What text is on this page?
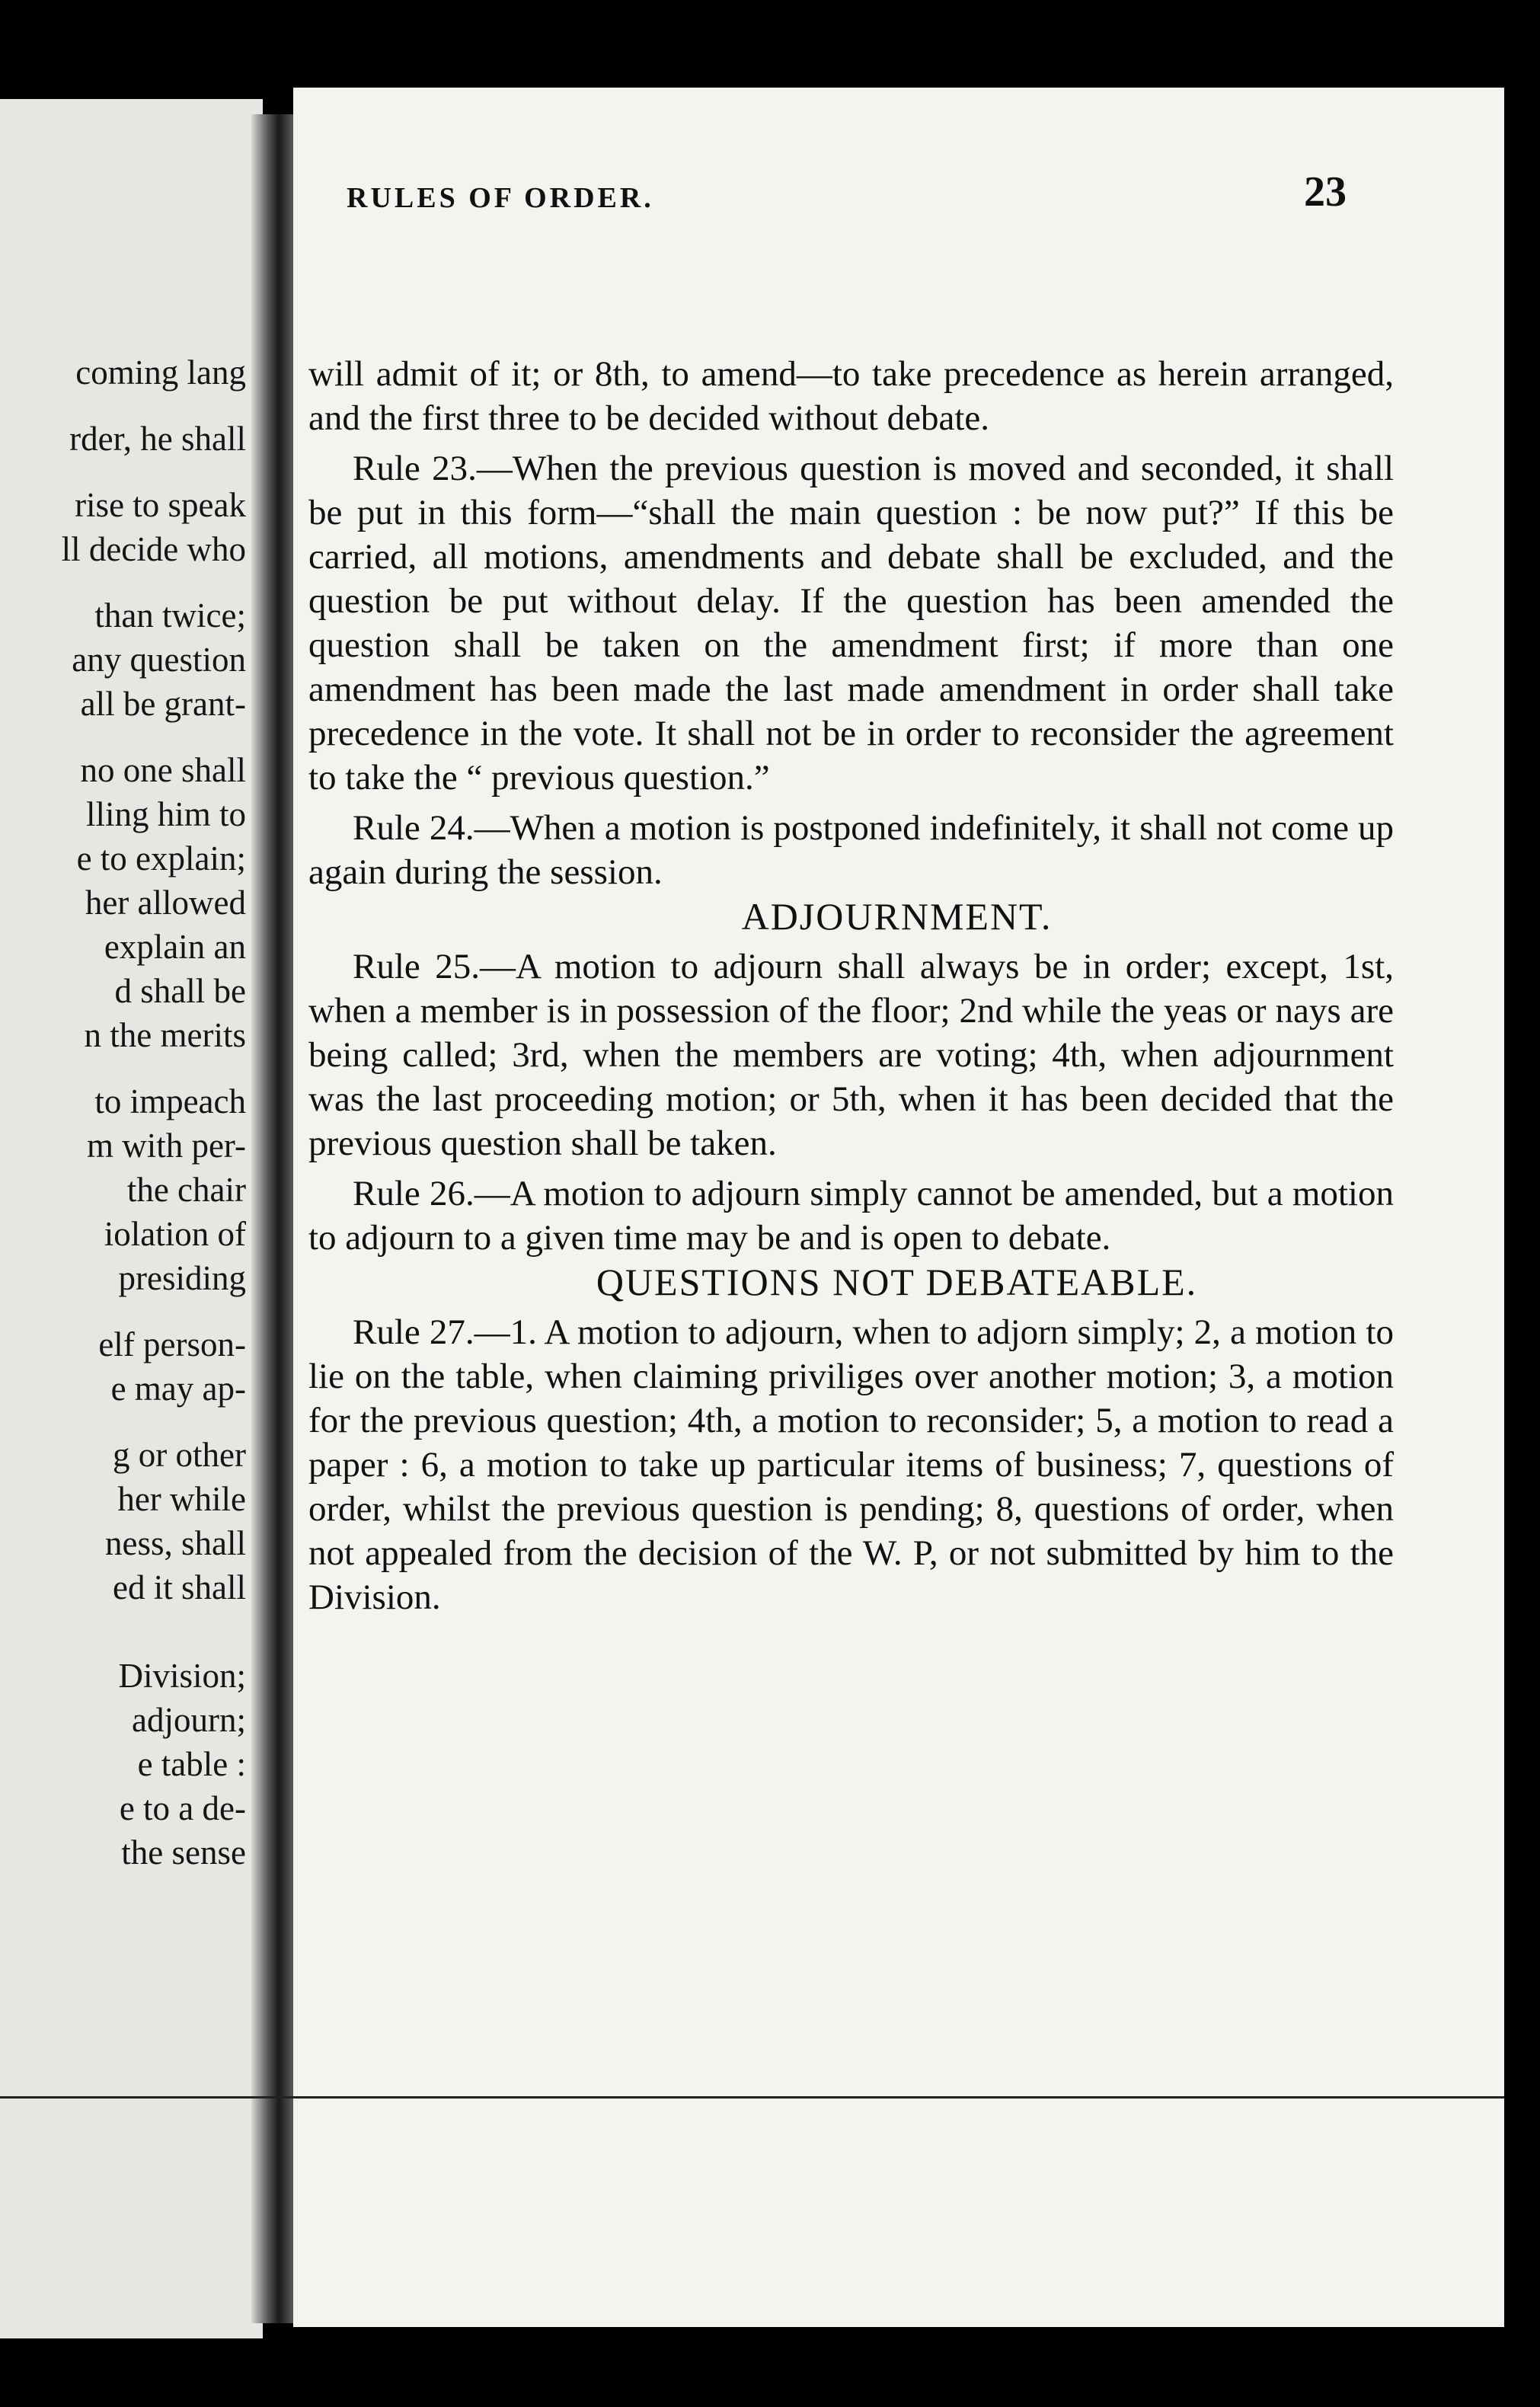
coming lang
rder, he shall
rise to speak
ll decide who
than twice;
any question
all be grant-
no one shall
lling him to
e to explain;
her allowed
explain an
d shall be
n the merits
to impeach
m with per-
the chair
iolation of
presiding
elf person-
e may ap-
g or other
her while
ness, shall
ed it shall
Division;
adjourn;
e table :
e to a de-
the sense
RULES OF ORDER.	23

will admit of it; or 8th, to amend—to take precedence as herein arranged, and the first three to be decided without debate.

Rule 23.—When the previous question is moved and seconded, it shall be put in this form—“shall the main question : be now put?” If this be carried, all motions, amendments and debate shall be excluded, and the question be put without delay. If the question has been amended the question shall be taken on the amendment first; if more than one amendment has been made the last made amendment in order shall take precedence in the vote. It shall not be in order to reconsider the agreement to take the “ previous question.”

Rule 24.—When a motion is postponed indefinitely, it shall not come up again during the session.

ADJOURNMENT.

Rule 25.—A motion to adjourn shall always be in order; except, 1st, when a member is in possession of the floor; 2nd while the yeas or nays are being called; 3rd, when the members are voting; 4th, when adjournment was the last proceeding motion; or 5th, when it has been decided that the previous question shall be taken.

Rule 26.—A motion to adjourn simply cannot be amended, but a motion to adjourn to a given time may be and is open to debate.

QUESTIONS NOT DEBATEABLE.

Rule 27.—1. A motion to adjourn, when to adjorn simply; 2, a motion to lie on the table, when claiming priviliges over another motion; 3, a motion for the previous question; 4th, a motion to reconsider; 5, a motion to read a paper : 6, a motion to take up particular items of business; 7, questions of order, whilst the previous question is pending; 8, questions of order, when not appealed from the decision of the W. P, or not submitted by him to the Division.
